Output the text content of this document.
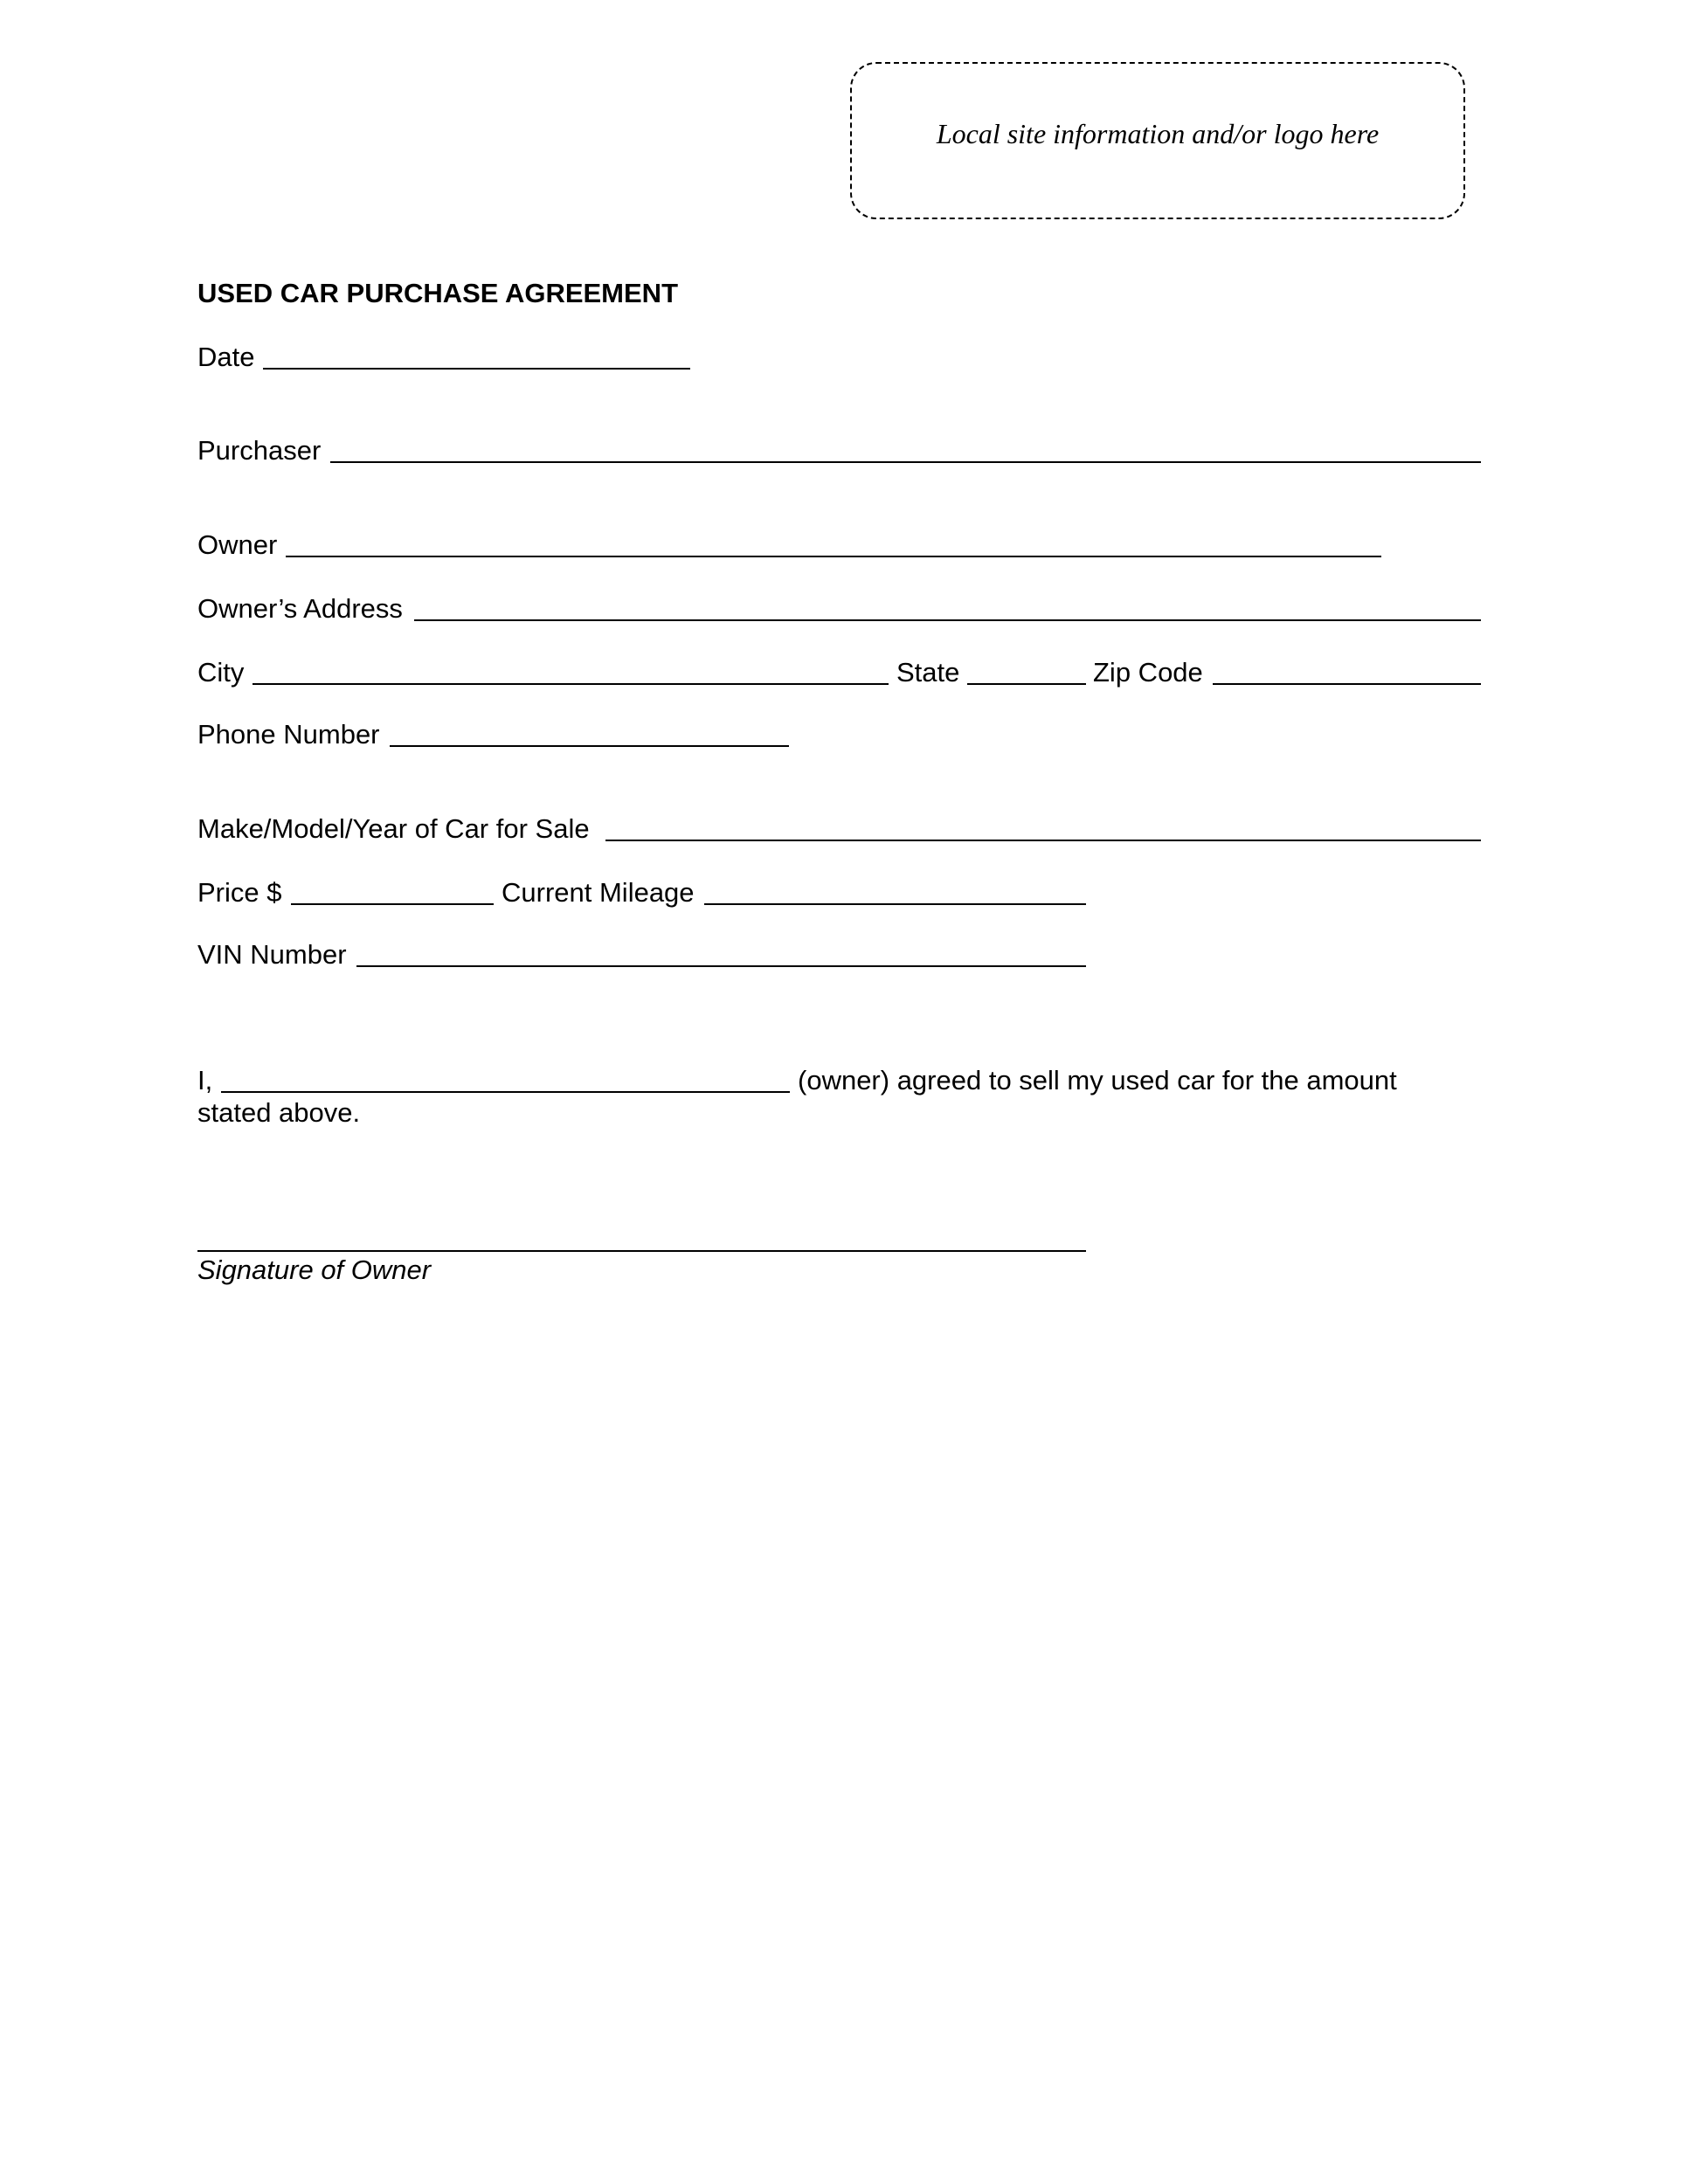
Local site information and/or logo here
USED CAR PURCHASE AGREEMENT
Date
Purchaser
Owner
Owner’s Address
City	State	Zip Code
Phone Number
Make/Model/Year of Car for Sale
Price $	Current Mileage
VIN Number
I,	(owner) agreed to sell my used car for the amount
stated above.
Signature of Owner
